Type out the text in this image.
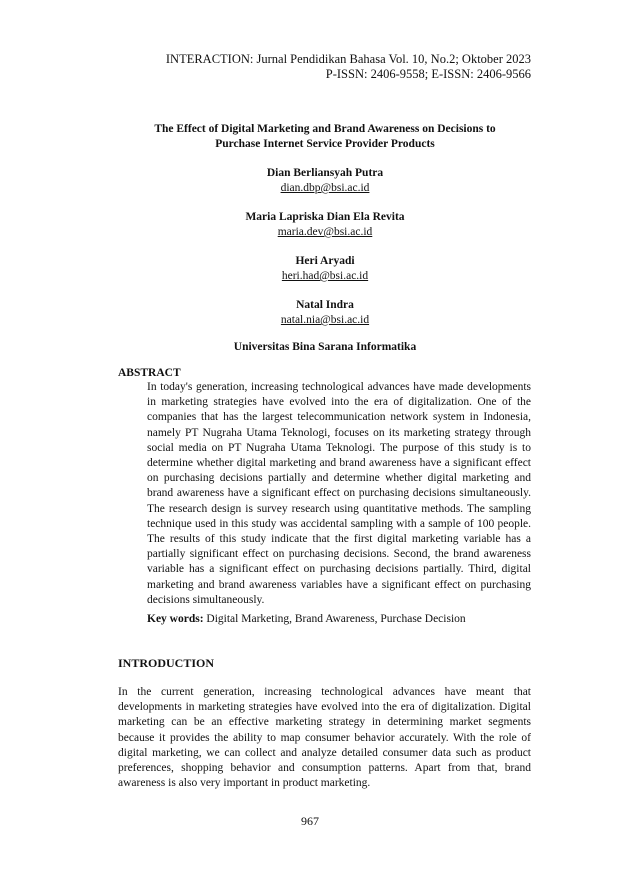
INTERACTION: Jurnal Pendidikan Bahasa Vol. 10, No.2; Oktober 2023
P-ISSN: 2406-9558; E-ISSN: 2406-9566
The Effect of Digital Marketing and Brand Awareness on Decisions to
Purchase Internet Service Provider Products
Dian Berliansyah Putra
dian.dbp@bsi.ac.id
Maria Lapriska Dian Ela Revita
maria.dev@bsi.ac.id
Heri Aryadi
heri.had@bsi.ac.id
Natal Indra
natal.nia@bsi.ac.id
Universitas Bina Sarana Informatika
ABSTRACT
In today's generation, increasing technological advances have made developments in marketing strategies have evolved into the era of digitalization. One of the companies that has the largest telecommunication network system in Indonesia, namely PT Nugraha Utama Teknologi, focuses on its marketing strategy through social media on PT Nugraha Utama Teknologi. The purpose of this study is to determine whether digital marketing and brand awareness have a significant effect on purchasing decisions partially and determine whether digital marketing and brand awareness have a significant effect on purchasing decisions simultaneously. The research design is survey research using quantitative methods. The sampling technique used in this study was accidental sampling with a sample of 100 people. The results of this study indicate that the first digital marketing variable has a partially significant effect on purchasing decisions. Second, the brand awareness variable has a significant effect on purchasing decisions partially. Third, digital marketing and brand awareness variables have a significant effect on purchasing decisions simultaneously.
Key words: Digital Marketing, Brand Awareness, Purchase Decision
INTRODUCTION
In the current generation, increasing technological advances have meant that developments in marketing strategies have evolved into the era of digitalization. Digital marketing can be an effective marketing strategy in determining market segments because it provides the ability to map consumer behavior accurately. With the role of digital marketing, we can collect and analyze detailed consumer data such as product preferences, shopping behavior and consumption patterns. Apart from that, brand awareness is also very important in product marketing.
967
